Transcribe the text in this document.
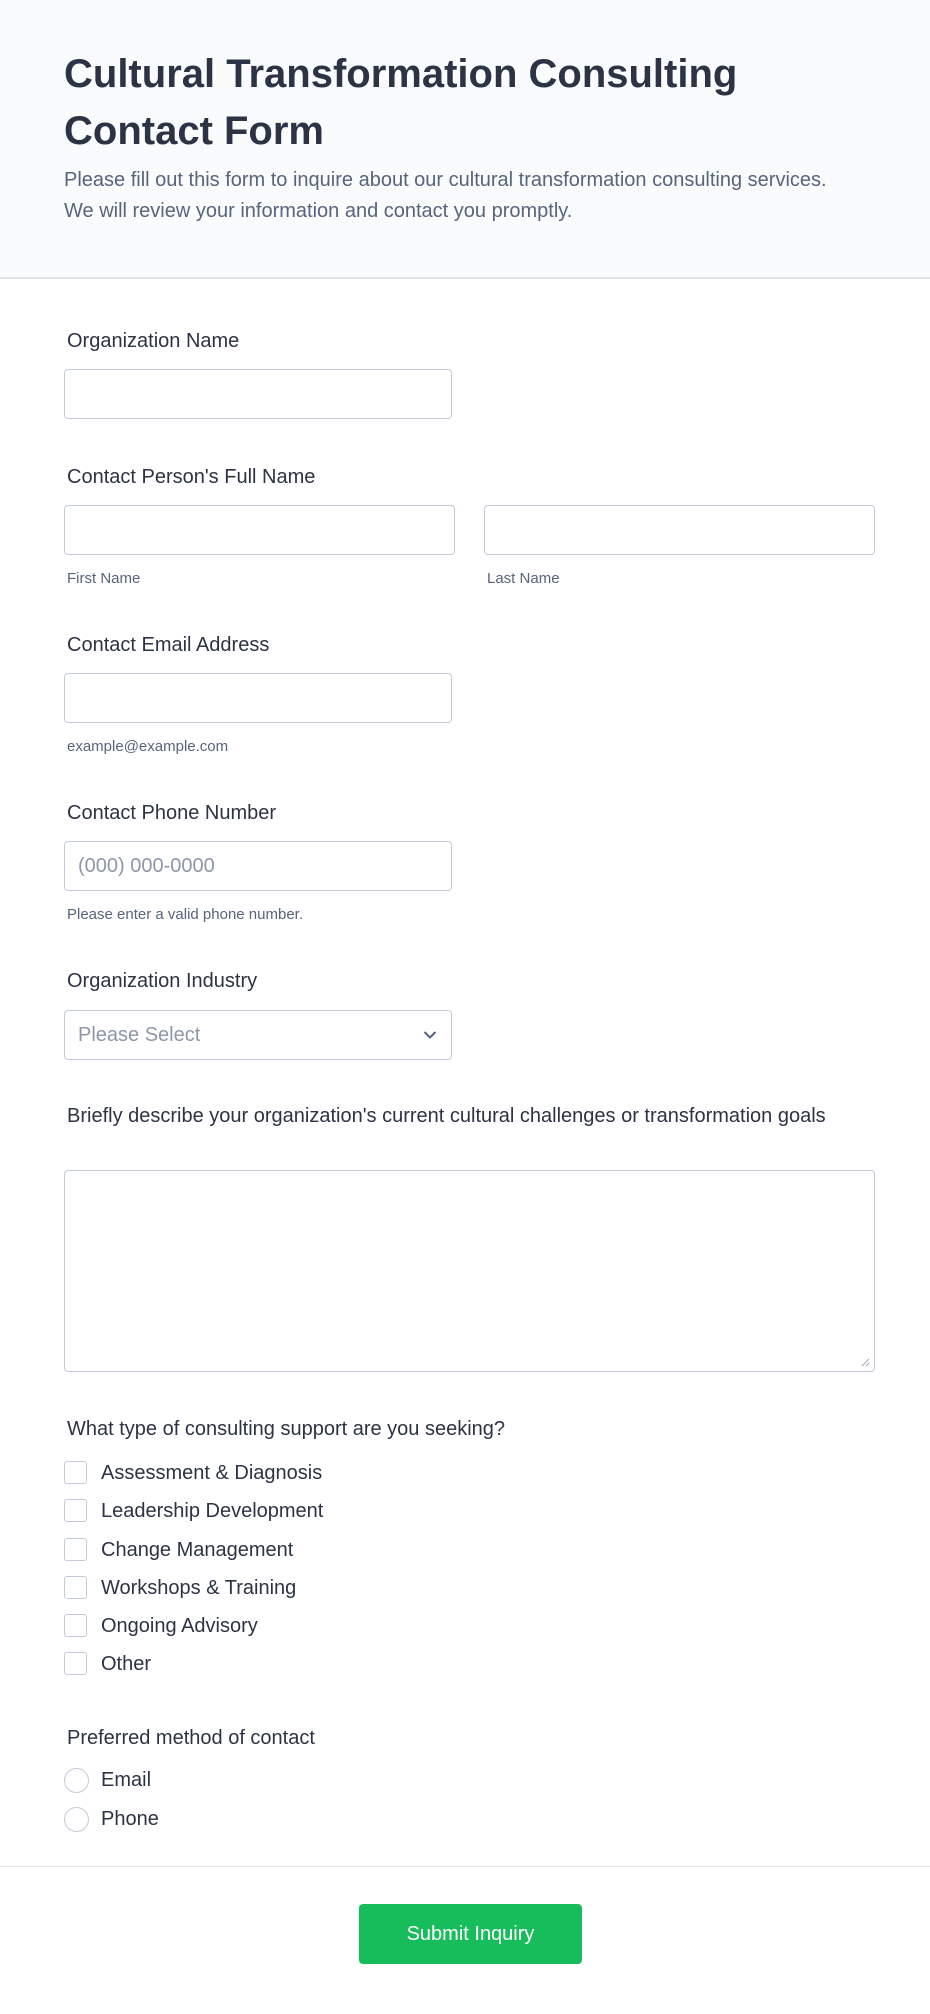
Cultural Transformation Consulting Contact Form

Please fill out this form to inquire about our cultural transformation consulting services. We will review your information and contact you promptly.

Organization Name
Contact Person's Full Name
First Name	Last Name
Contact Email Address
example@example.com
Contact Phone Number
(000) 000-0000
Please enter a valid phone number.
Organization Industry
Please Select
Briefly describe your organization's current cultural challenges or transformation goals
What type of consulting support are you seeking?
Assessment & Diagnosis
Leadership Development
Change Management
Workshops & Training
Ongoing Advisory
Other
Preferred method of contact
Email
Phone
Submit Inquiry
